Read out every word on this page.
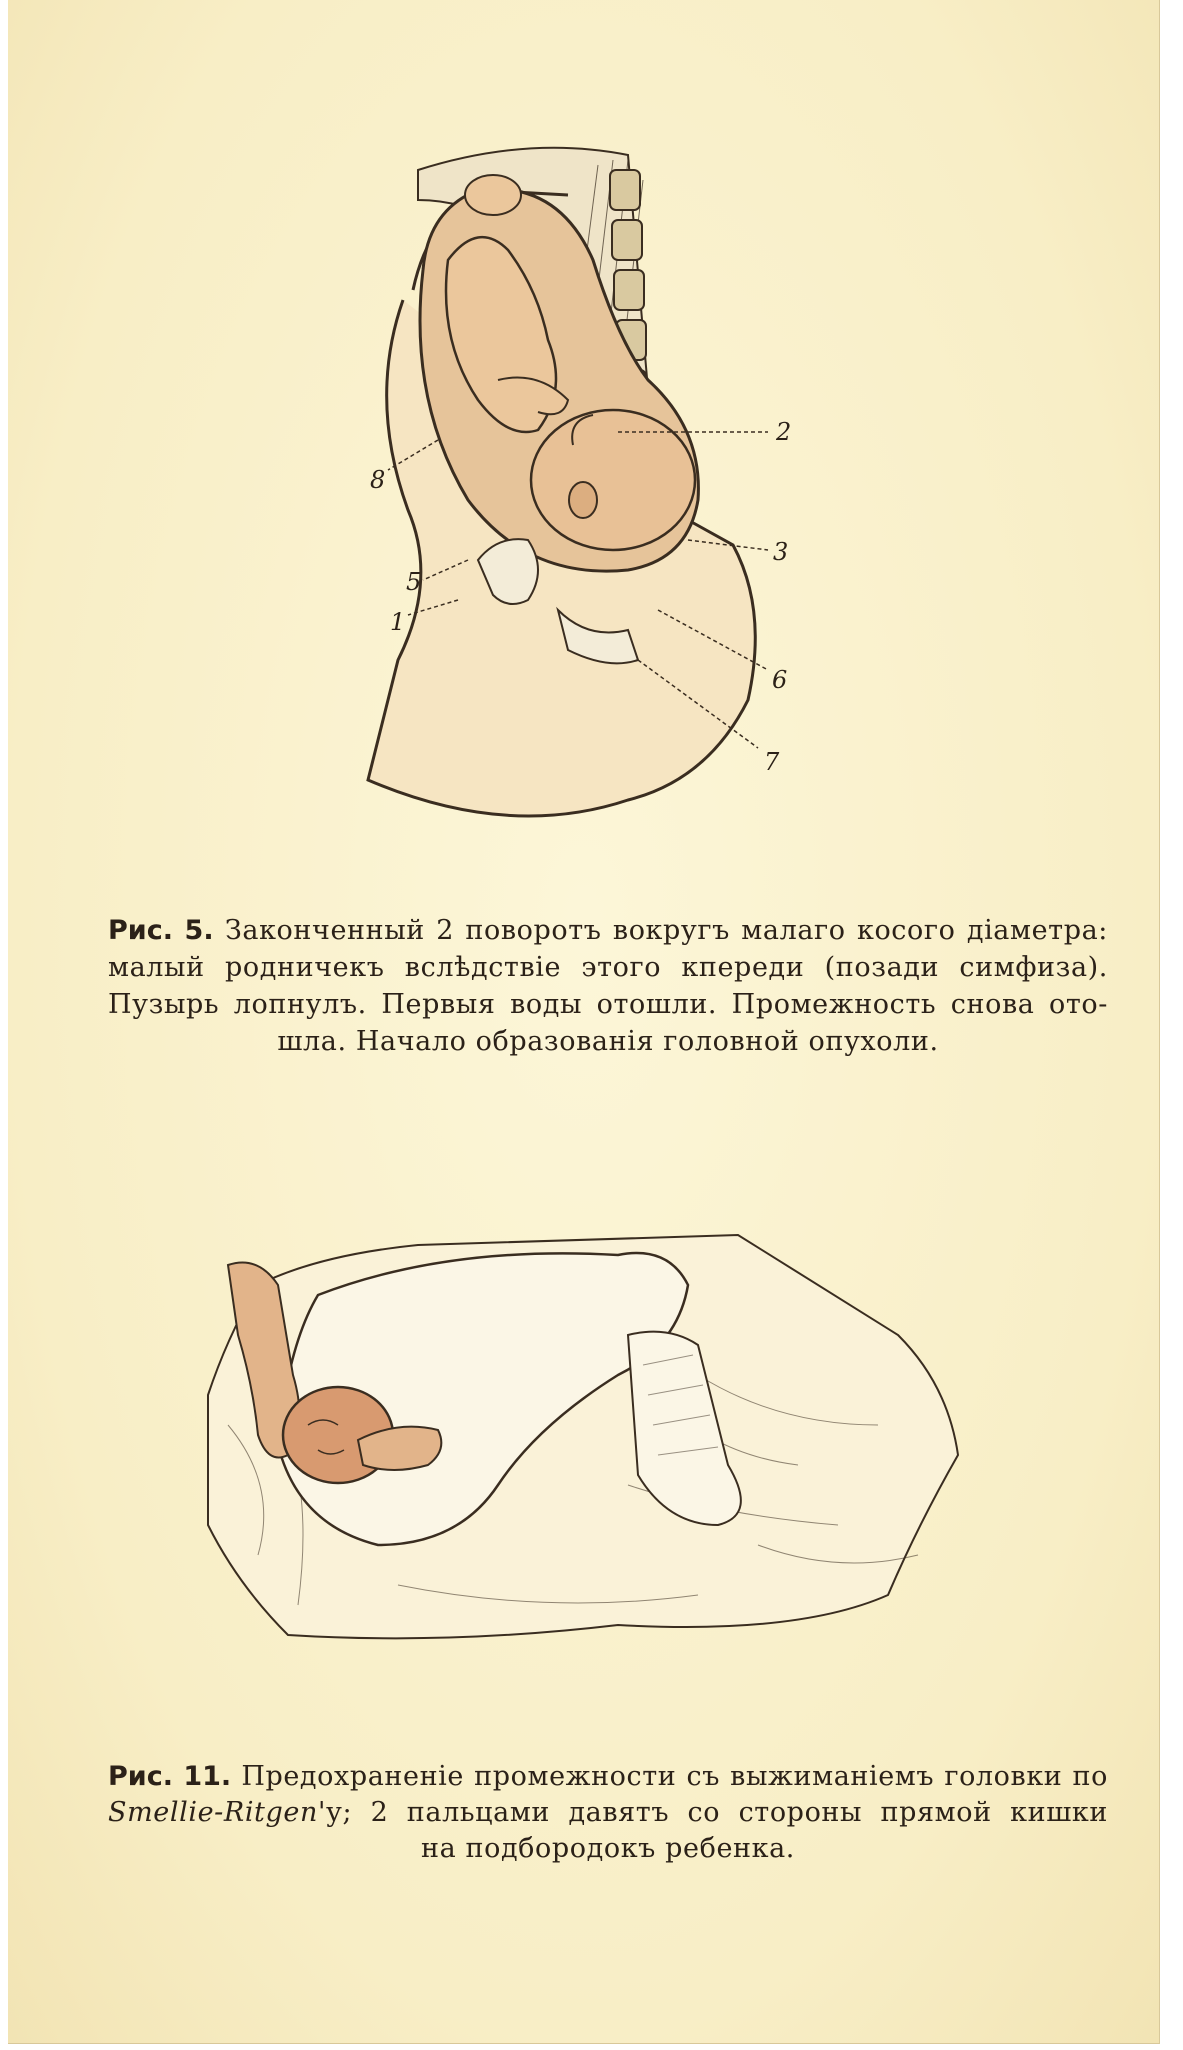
2
3
8
5
1
6
7
Рис. 5. Законченный 2 поворотъ вокругъ малаго косого діаметра:
малый родничекъ вслѣдствіе этого кпереди (позади симфиза).
Пузырь лопнулъ. Первыя воды отошли. Промежность снова ото-
шла. Начало образованія головной опухоли.
Рис. 11. Предохраненіе промежности съ выжиманіемъ головки по
Smellie-Ritgen'у; 2 пальцами давятъ со стороны прямой кишки
на подбородокъ ребенка.
